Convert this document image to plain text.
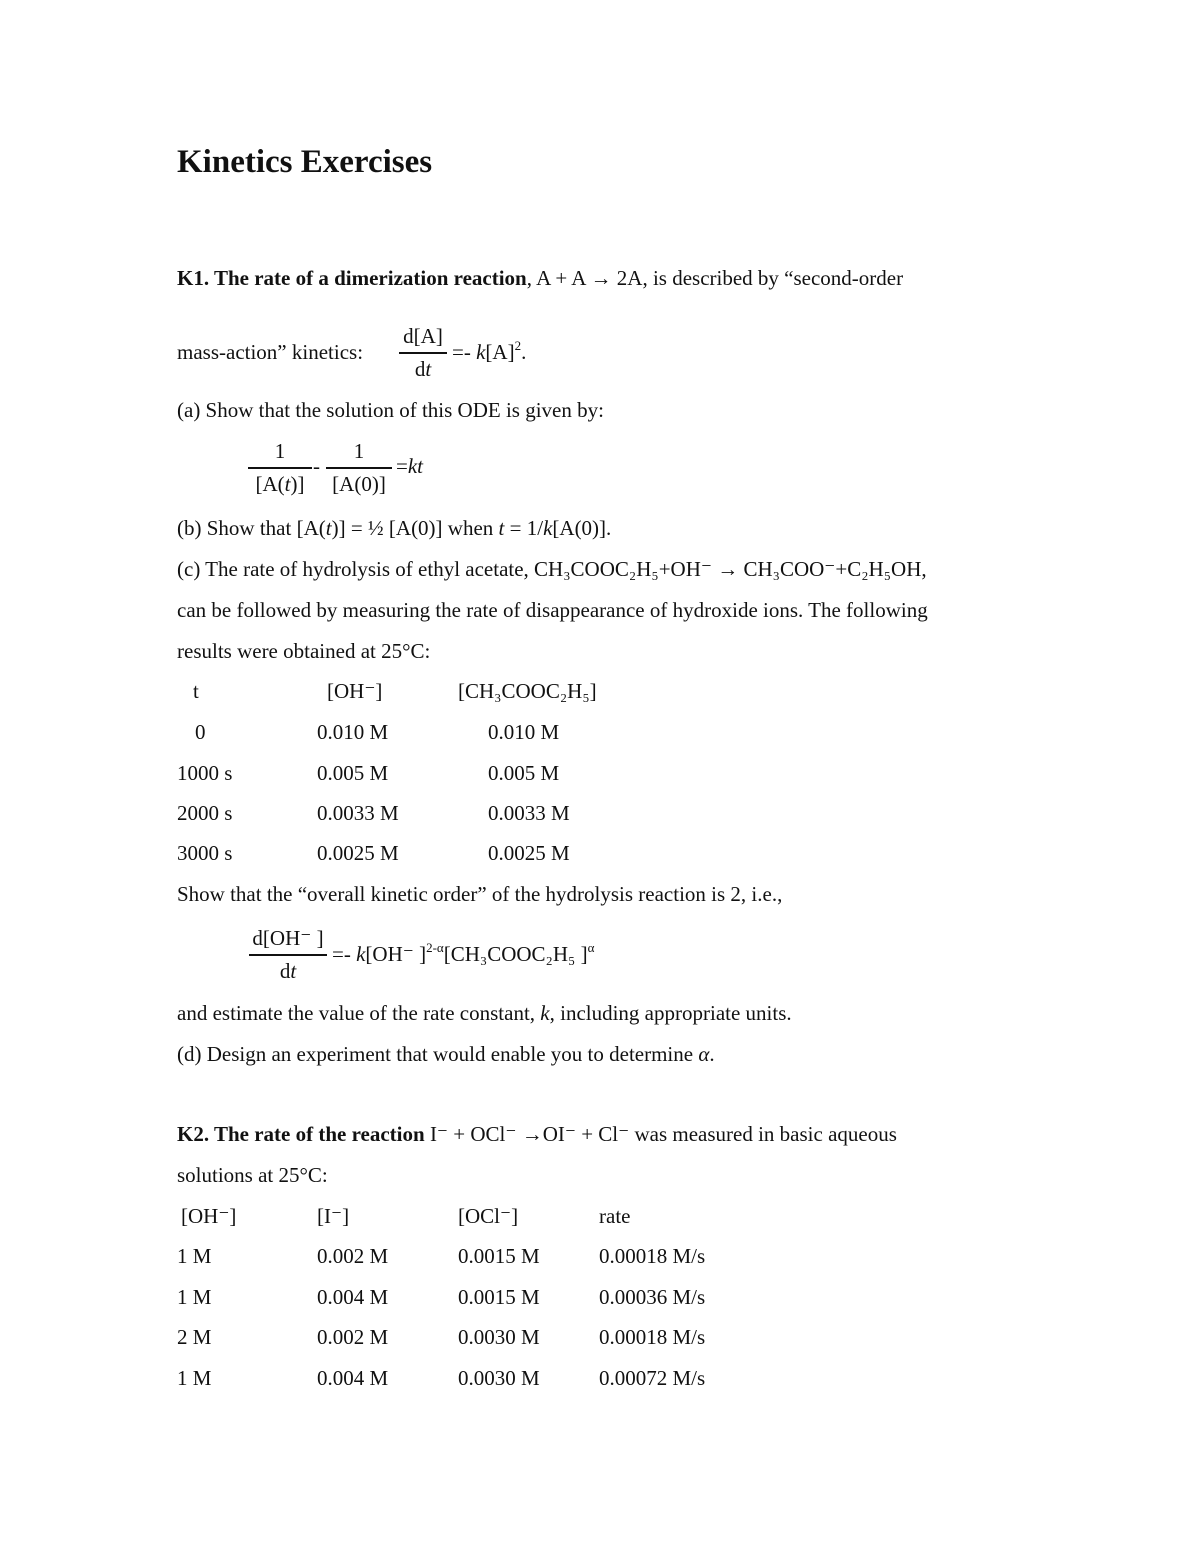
Kinetics Exercises
K1. The rate of a dimerization reaction, A + A → 2A, is described by “second-order
mass-action” kinetics:
d[A]
dt
=- $k[A]^2$.
(a) Show that the solution of this ODE is given by:
1
[A(t)]
-
1
[A(0)]
=kt
(b) Show that [A(t)] = ½ [A(0)] when t = 1/k[A(0)].
(c) The rate of hydrolysis of ethyl acetate, CH₃COOC₂H₅+OH⁻ → CH₃COO⁻+C₂H₅OH,
can be followed by measuring the rate of disappearance of hydroxide ions. The following
results were obtained at 25°C:
t	[OH⁻]	[CH₃COOC₂H₅]
0	0.010 M	0.010 M
1000 s	0.005 M	0.005 M
2000 s	0.0033 M	0.0033 M
3000 s	0.0025 M	0.0025 M
Show that the “overall kinetic order” of the hydrolysis reaction is 2, i.e.,
d[OH⁻ ]
dt
=- k[OH⁻ ]$^{2-\alpha}$[CH₃COOC₂H₅ ]$^\alpha$
and estimate the value of the rate constant, k, including appropriate units.
(d) Design an experiment that would enable you to determine α.
K2. The rate of the reaction I⁻ + OCl⁻ →OI⁻ + Cl⁻ was measured in basic aqueous
solutions at 25°C:
[OH⁻]	[I⁻]	[OCl⁻]	rate
1 M	0.002 M	0.0015 M	0.00018 M/s
1 M	0.004 M	0.0015 M	0.00036 M/s
2 M	0.002 M	0.0030 M	0.00018 M/s
1 M	0.004 M	0.0030 M	0.00072 M/s
